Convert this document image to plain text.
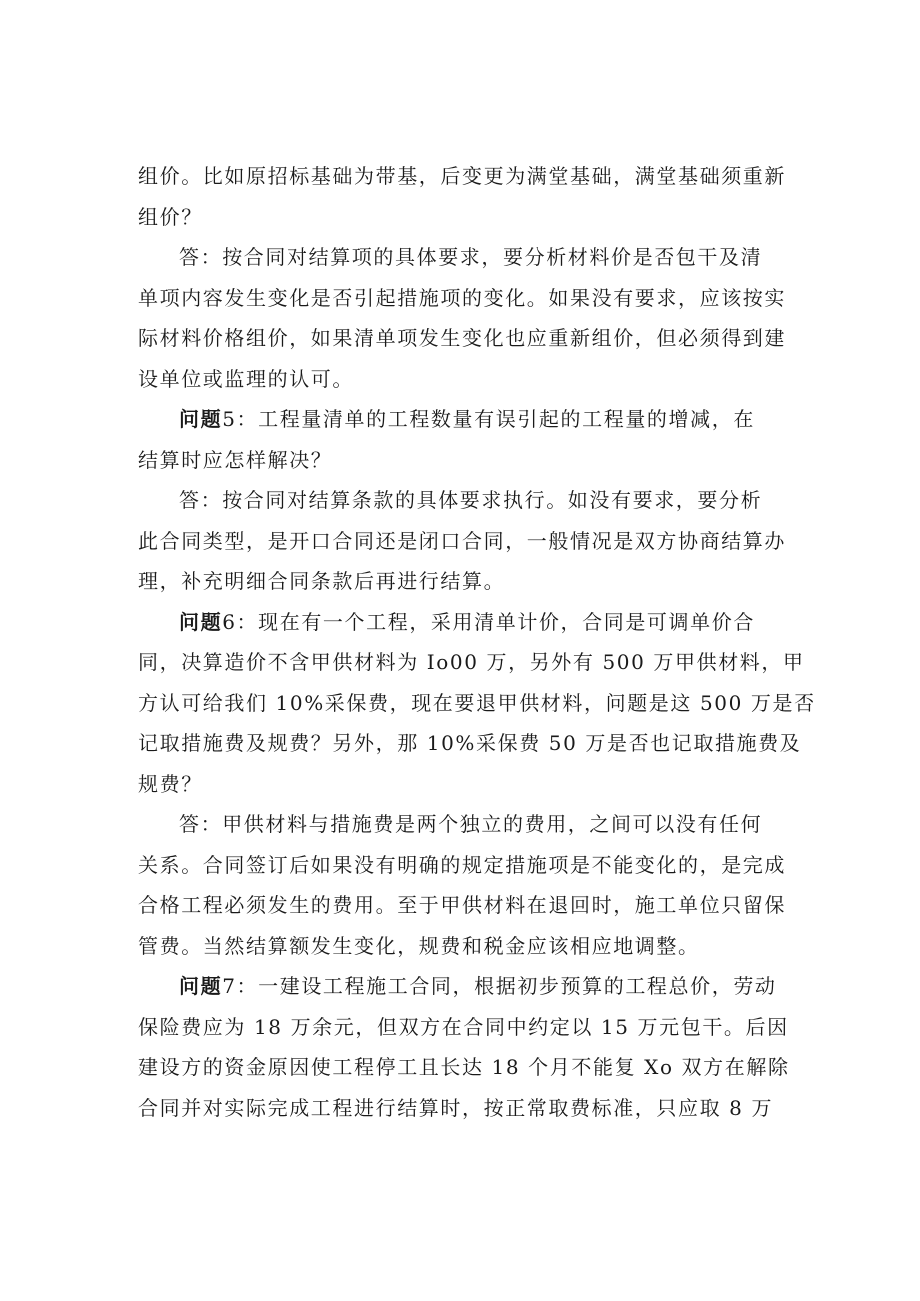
组价。比如原招标基础为带基，后变更为满堂基础，满堂基础须重新
组价？
答：按合同对结算项的具体要求，要分析材料价是否包干及清
单项内容发生变化是否引起措施项的变化。如果没有要求，应该按实
际材料价格组价，如果清单项发生变化也应重新组价，但必须得到建
设单位或监理的认可。
问题5：工程量清单的工程数量有误引起的工程量的增减，在
结算时应怎样解决？
答：按合同对结算条款的具体要求执行。如没有要求，要分析
此合同类型，是开口合同还是闭口合同，一般情况是双方协商结算办
理，补充明细合同条款后再进行结算。
问题6：现在有一个工程，采用清单计价，合同是可调单价合
同，决算造价不含甲供材料为 Io00 万，另外有 500 万甲供材料，甲
方认可给我们 10%采保费，现在要退甲供材料，问题是这 500 万是否
记取措施费及规费？另外，那 10%采保费 50 万是否也记取措施费及
规费？
答：甲供材料与措施费是两个独立的费用，之间可以没有任何
关系。合同签订后如果没有明确的规定措施项是不能变化的，是完成
合格工程必须发生的费用。至于甲供材料在退回时，施工单位只留保
管费。当然结算额发生变化，规费和税金应该相应地调整。
问题7：一建设工程施工合同，根据初步预算的工程总价，劳动
保险费应为 18 万余元，但双方在合同中约定以 15 万元包干。后因
建设方的资金原因使工程停工且长达 18 个月不能复 Xo 双方在解除
合同并对实际完成工程进行结算时，按正常取费标准，只应取 8 万
